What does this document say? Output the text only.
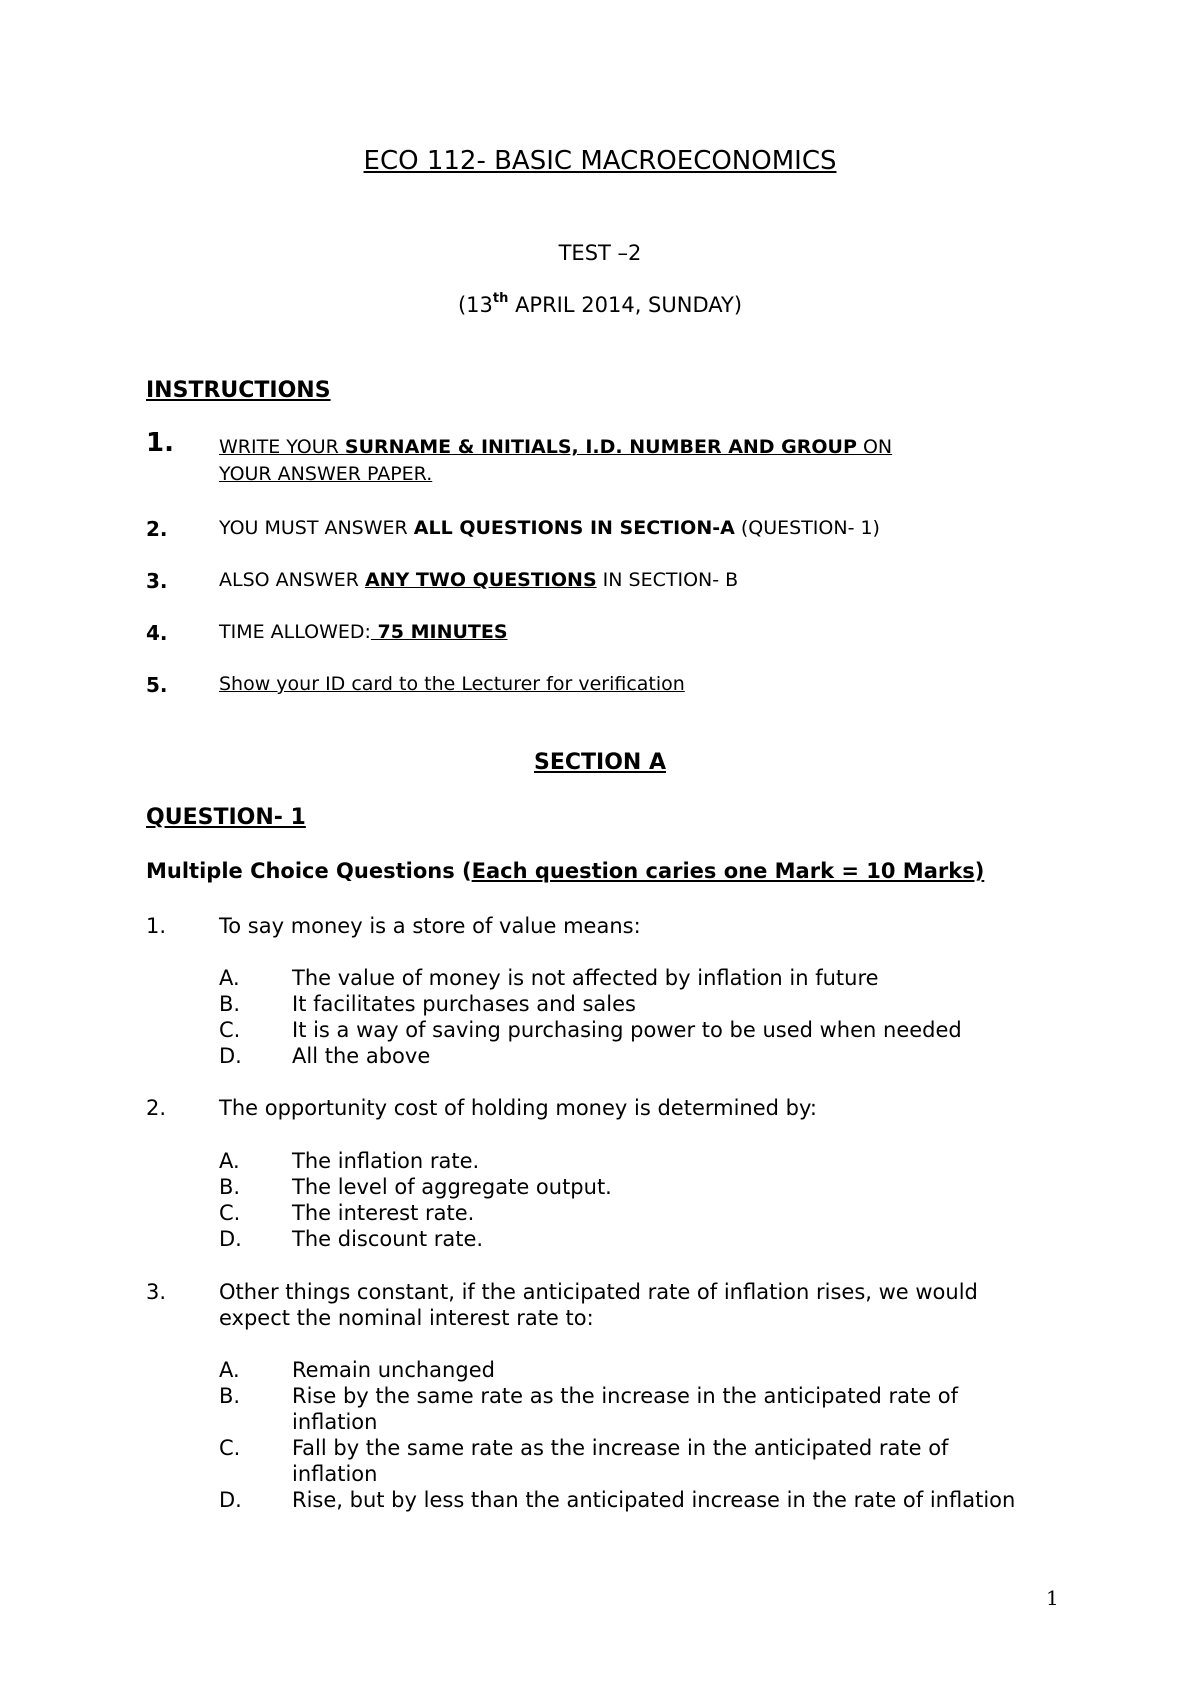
ECO 112- BASIC MACROECONOMICS
TEST –2
(13th APRIL 2014, SUNDAY)
INSTRUCTIONS
1. WRITE YOUR SURNAME & INITIALS, I.D. NUMBER AND GROUP ON
YOUR ANSWER PAPER.
2.	YOU MUST ANSWER ALL QUESTIONS IN SECTION-A (QUESTION- 1)
3.	ALSO ANSWER ANY TWO QUESTIONS IN SECTION- B
4.	TIME ALLOWED: 75 MINUTES
5.	Show your ID card to the Lecturer for verification
SECTION A
QUESTION- 1
Multiple Choice Questions (Each question caries one Mark = 10 Marks)
1.	To say money is a store of value means:
A. The value of money is not affected by inflation in future
B. It facilitates purchases and sales
C. It is a way of saving purchasing power to be used when needed
D. All the above
2.	The opportunity cost of holding money is determined by:
A. The inflation rate.
B. The level of aggregate output.
C. The interest rate.
D. The discount rate.
3.	Other things constant, if the anticipated rate of inflation rises, we would
expect the nominal interest rate to:
A. Remain unchanged
B. Rise by the same rate as the increase in the anticipated rate of
inflation
C. Fall by the same rate as the increase in the anticipated rate of
inflation
D. Rise, but by less than the anticipated increase in the rate of inflation
1
